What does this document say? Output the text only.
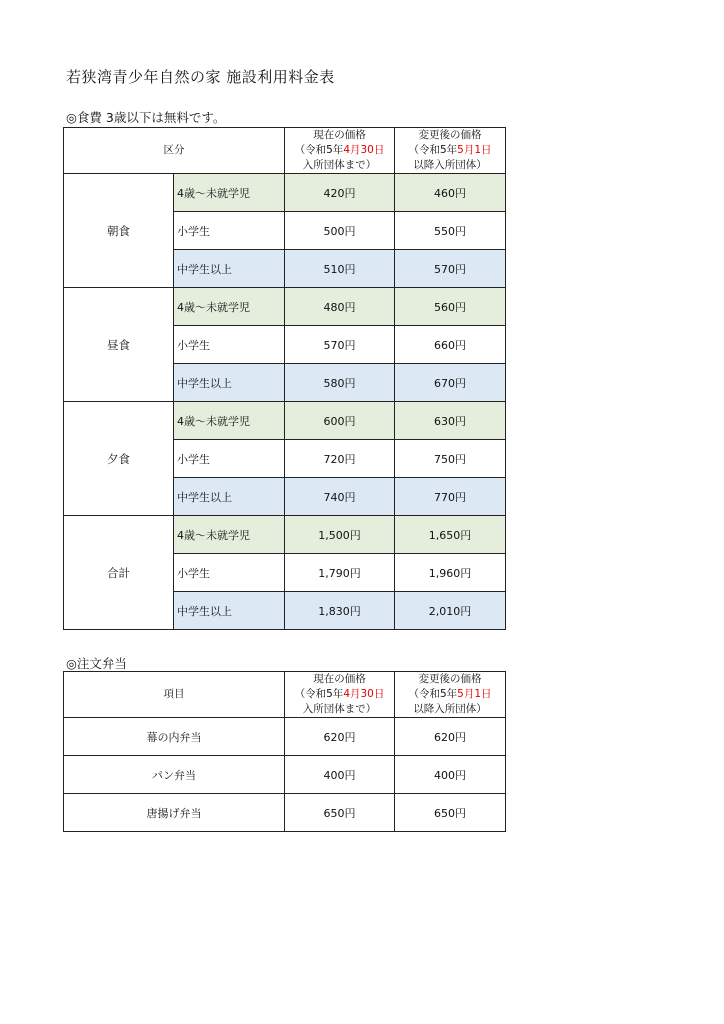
若狭湾青少年自然の家 施設利用料金表
◎食費 3歳以下は無料です。
区分		現在の価格
（令和5年4月30日
入所団体まで）	変更後の価格
（令和5年5月1日
以降入所団体）
朝食	4歳～未就学児	420円	460円
	小学生	500円	550円
	中学生以上	510円	570円
昼食	4歳～未就学児	480円	560円
	小学生	570円	660円
	中学生以上	580円	670円
夕食	4歳～未就学児	600円	630円
	小学生	720円	750円
	中学生以上	740円	770円
合計	4歳～未就学児	1,500円	1,650円
	小学生	1,790円	1,960円
	中学生以上	1,830円	2,010円
◎注文弁当
項目	現在の価格
（令和5年4月30日
入所団体まで）	変更後の価格
（令和5年5月1日
以降入所団体）
幕の内弁当	620円	620円
パン弁当	400円	400円
唐揚げ弁当	650円	650円
